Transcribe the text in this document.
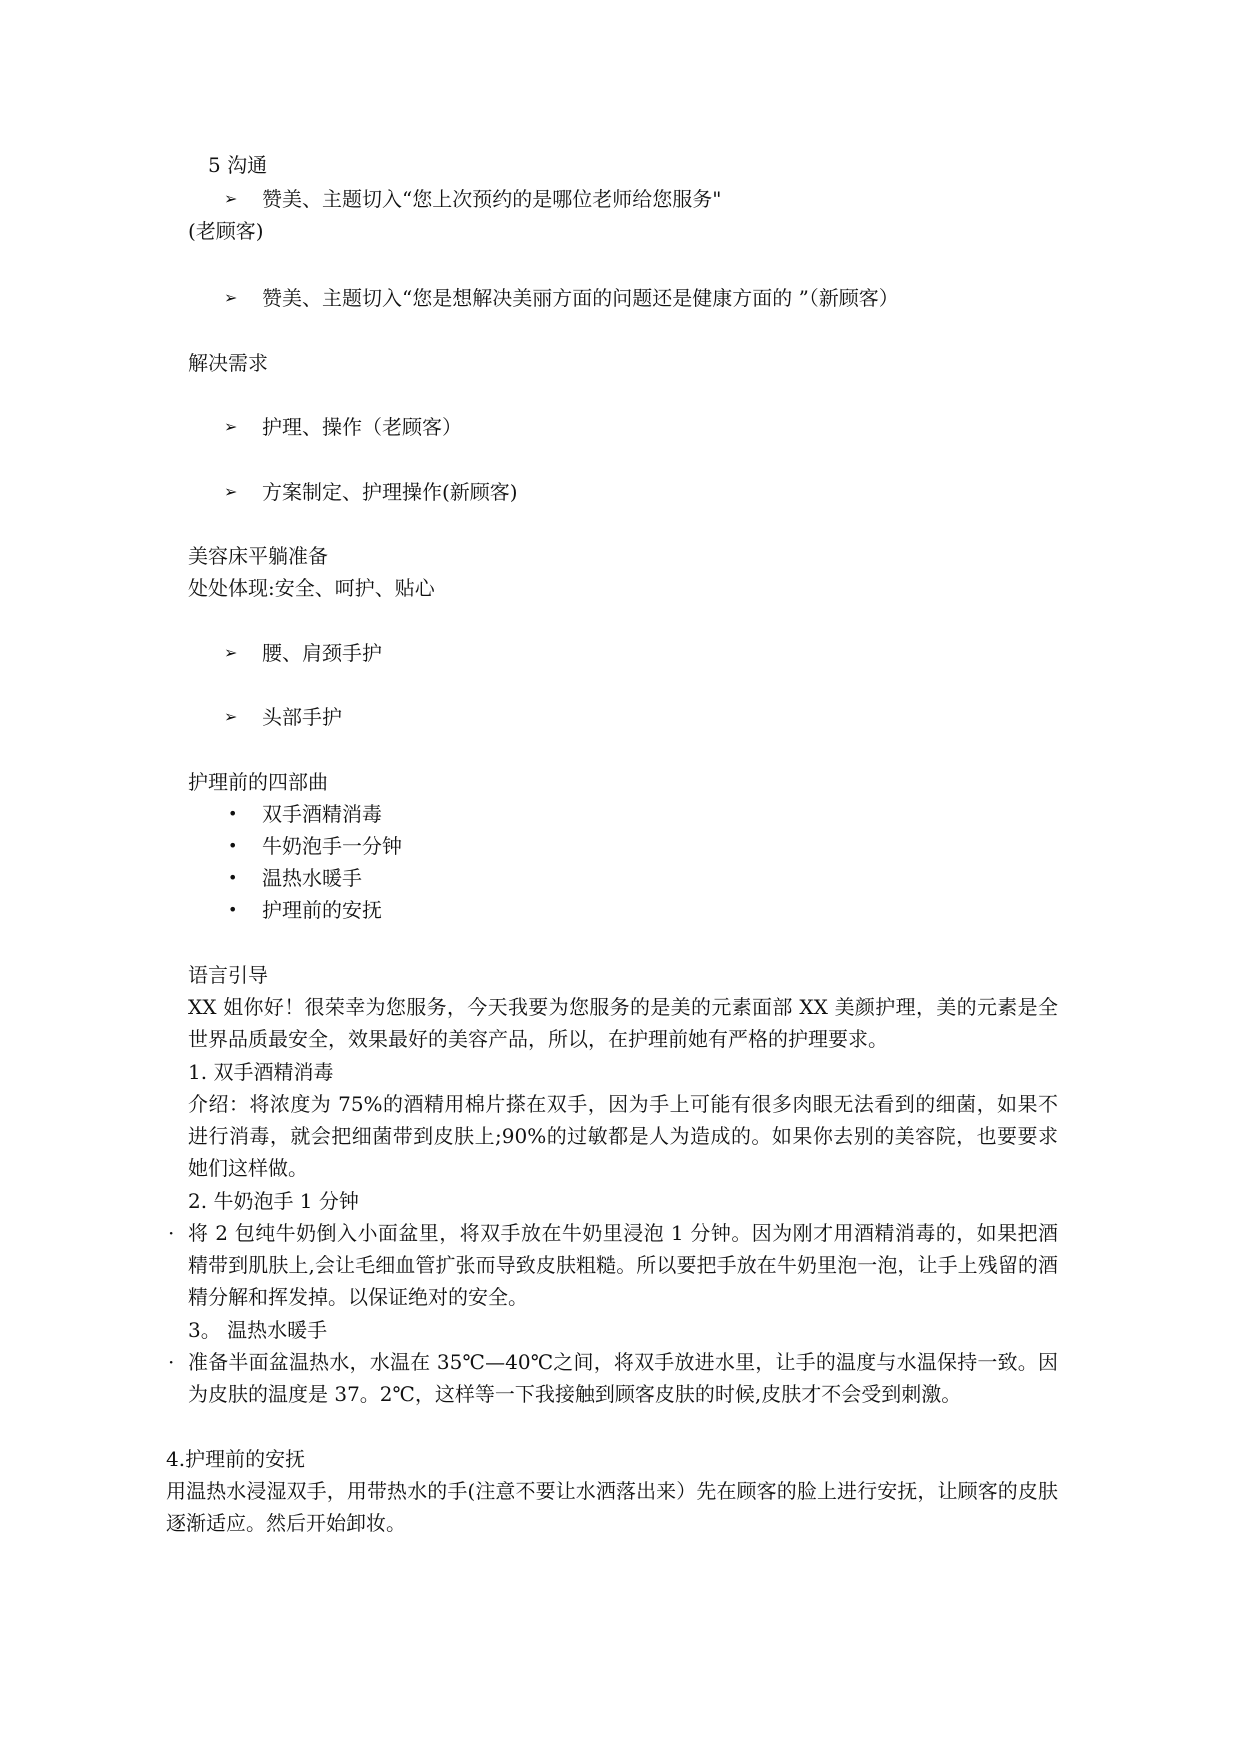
5 沟通
➢ 赞美、主题切入“您上次预约的是哪位老师给您服务"
(老顾客)
➢ 赞美、主题切入“您是想解决美丽方面的问题还是健康方面的 ”（新顾客）
解决需求
➢ 护理、操作（老顾客）
➢ 方案制定、护理操作(新顾客)
美容床平躺准备
处处体现:安全、呵护、贴心
➢ 腰、肩颈手护
➢ 头部手护
护理前的四部曲
• 双手酒精消毒
• 牛奶泡手一分钟
• 温热水暖手
• 护理前的安抚
语言引导
XX 姐你好！很荣幸为您服务，今天我要为您服务的是美的元素面部 XX 美颜护理，美的元素是全世界品质最安全，效果最好的美容产品，所以，在护理前她有严格的护理要求。
1. 双手酒精消毒
介绍：将浓度为 75%的酒精用棉片搽在双手，因为手上可能有很多肉眼无法看到的细菌，如果不进行消毒，就会把细菌带到皮肤上;90%的过敏都是人为造成的。如果你去别的美容院，也要要求她们这样做。
2. 牛奶泡手 1 分钟
· 将 2 包纯牛奶倒入小面盆里，将双手放在牛奶里浸泡 1 分钟。因为刚才用酒精消毒的，如果把酒精带到肌肤上,会让毛细血管扩张而导致皮肤粗糙。所以要把手放在牛奶里泡一泡，让手上残留的酒精分解和挥发掉。以保证绝对的安全。
3。 温热水暖手
· 准备半面盆温热水，水温在 35℃—40℃之间，将双手放进水里，让手的温度与水温保持一致。因为皮肤的温度是 37。2℃，这样等一下我接触到顾客皮肤的时候,皮肤才不会受到刺激。
4.护理前的安抚
用温热水浸湿双手，用带热水的手(注意不要让水洒落出来）先在顾客的脸上进行安抚，让顾客的皮肤逐渐适应。然后开始卸妆。
